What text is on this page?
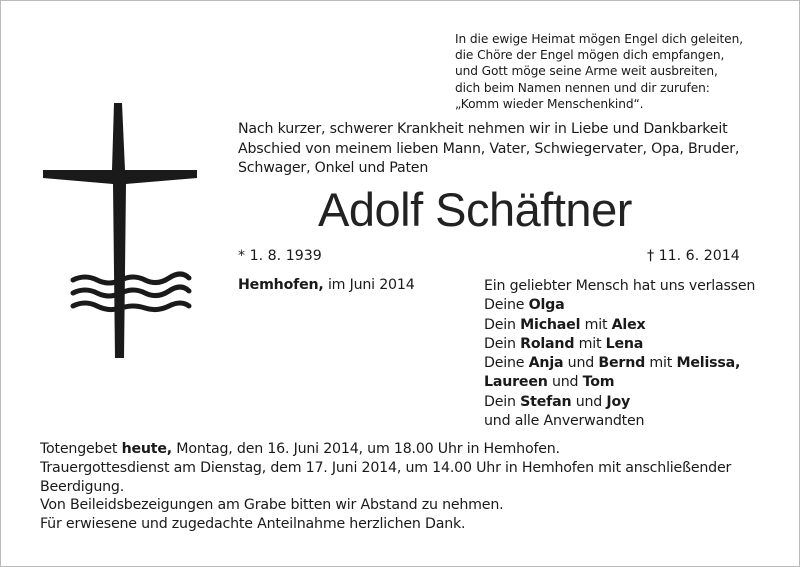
In die ewige Heimat mögen Engel dich geleiten,
die Chöre der Engel mögen dich empfangen,
und Gott möge seine Arme weit ausbreiten,
dich beim Namen nennen und dir zurufen:
„Komm wieder Menschenkind“.
Nach kurzer, schwerer Krankheit nehmen wir in Liebe und Dankbarkeit
Abschied von meinem lieben Mann, Vater, Schwiegervater, Opa, Bruder,
Schwager, Onkel und Paten
Adolf Schäftner
* 1. 8. 1939	† 11. 6. 2014
Hemhofen, im Juni 2014	Ein geliebter Mensch hat uns verlassen
Deine Olga
Dein Michael mit Alex
Dein Roland mit Lena
Deine Anja und Bernd mit Melissa,
Laureen und Tom
Dein Stefan und Joy
und alle Anverwandten
Totengebet heute, Montag, den 16. Juni 2014, um 18.00 Uhr in Hemhofen.
Trauergottesdienst am Dienstag, dem 17. Juni 2014, um 14.00 Uhr in Hemhofen mit anschließender
Beerdigung.
Von Beileidsbezeigungen am Grabe bitten wir Abstand zu nehmen.
Für erwiesene und zugedachte Anteilnahme herzlichen Dank.
